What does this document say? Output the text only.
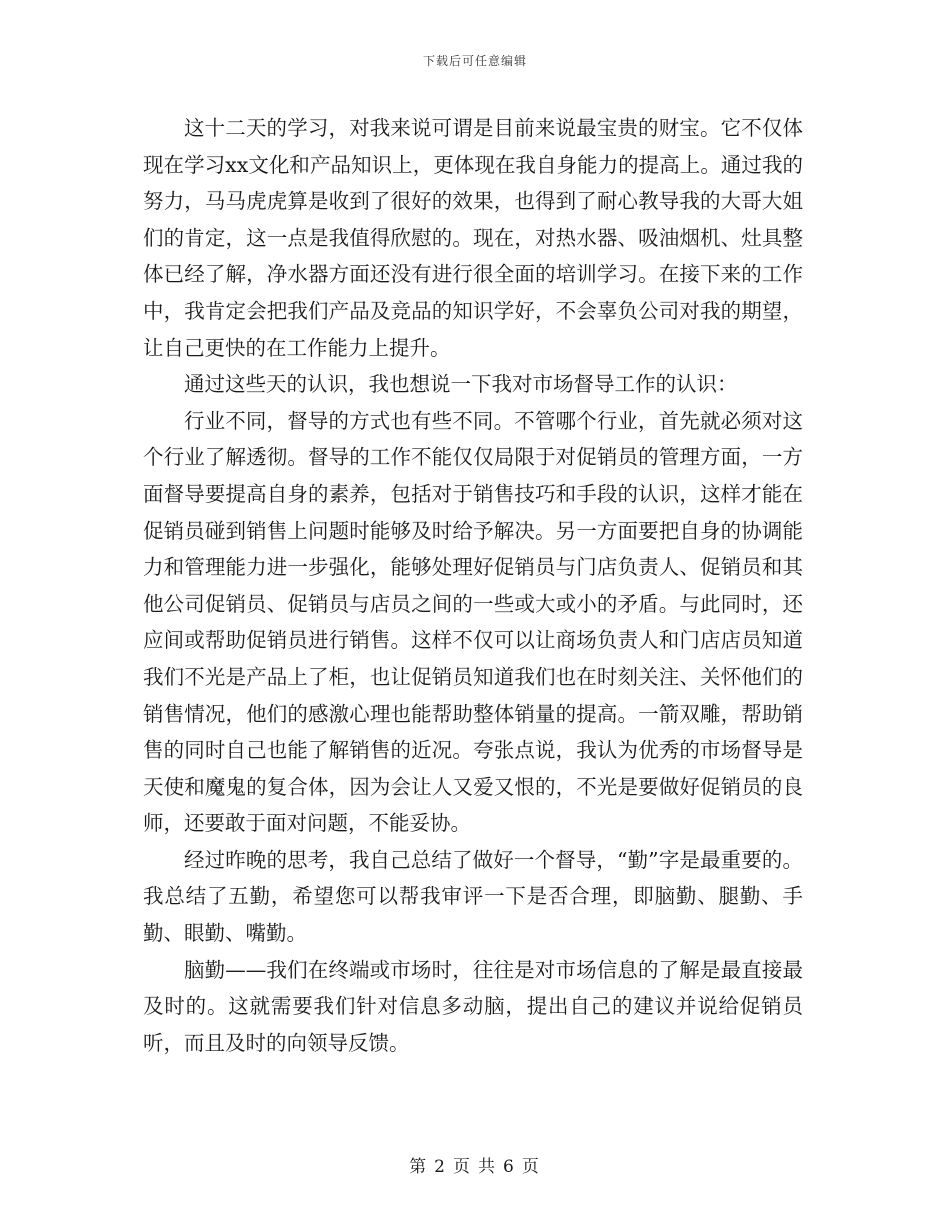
下载后可任意编辑

这十二天的学习，对我来说可谓是目前来说最宝贵的财宝。它不仅体现在学习xx文化和产品知识上，更体现在我自身能力的提高上。通过我的努力，马马虎虎算是收到了很好的效果，也得到了耐心教导我的大哥大姐们的肯定，这一点是我值得欣慰的。现在，对热水器、吸油烟机、灶具整体已经了解，净水器方面还没有进行很全面的培训学习。在接下来的工作中，我肯定会把我们产品及竞品的知识学好，不会辜负公司对我的期望，让自己更快的在工作能力上提升。

通过这些天的认识，我也想说一下我对市场督导工作的认识：

行业不同，督导的方式也有些不同。不管哪个行业，首先就必须对这个行业了解透彻。督导的工作不能仅仅局限于对促销员的管理方面，一方面督导要提高自身的素养，包括对于销售技巧和手段的认识，这样才能在促销员碰到销售上问题时能够及时给予解决。另一方面要把自身的协调能力和管理能力进一步强化，能够处理好促销员与门店负责人、促销员和其他公司促销员、促销员与店员之间的一些或大或小的矛盾。与此同时，还应间或帮助促销员进行销售。这样不仅可以让商场负责人和门店店员知道我们不光是产品上了柜，也让促销员知道我们也在时刻关注、关怀他们的销售情况，他们的感激心理也能帮助整体销量的提高。一箭双雕，帮助销售的同时自己也能了解销售的近况。夸张点说，我认为优秀的市场督导是天使和魔鬼的复合体，因为会让人又爱又恨的，不光是要做好促销员的良师，还要敢于面对问题，不能妥协。

经过昨晚的思考，我自己总结了做好一个督导，“勤”字是最重要的。我总结了五勤，希望您可以帮我审评一下是否合理，即脑勤、腿勤、手勤、眼勤、嘴勤。

脑勤——我们在终端或市场时，往往是对市场信息的了解是最直接最及时的。这就需要我们针对信息多动脑，提出自己的建议并说给促销员听，而且及时的向领导反馈。

第 2 页 共 6 页
